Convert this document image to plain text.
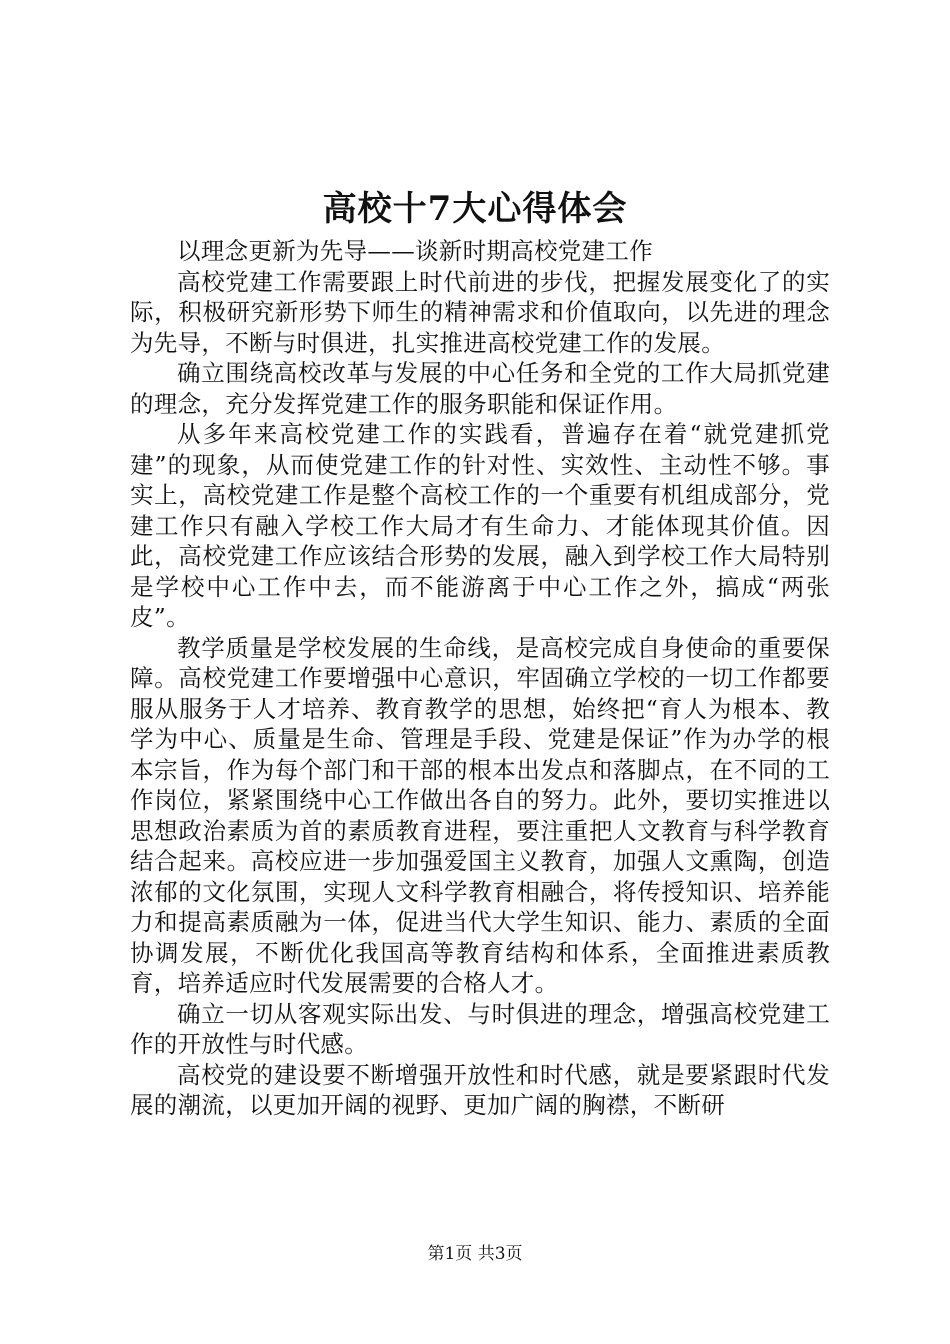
高校十7大心得体会

以理念更新为先导——谈新时期高校党建工作

高校党建工作需要跟上时代前进的步伐，把握发展变化了的实际，积极研究新形势下师生的精神需求和价值取向，以先进的理念为先导，不断与时俱进，扎实推进高校党建工作的发展。

确立围绕高校改革与发展的中心任务和全党的工作大局抓党建的理念，充分发挥党建工作的服务职能和保证作用。

从多年来高校党建工作的实践看，普遍存在着“就党建抓党建”的现象，从而使党建工作的针对性、实效性、主动性不够。事实上，高校党建工作是整个高校工作的一个重要有机组成部分，党建工作只有融入学校工作大局才有生命力、才能体现其价值。因此，高校党建工作应该结合形势的发展，融入到学校工作大局特别是学校中心工作中去，而不能游离于中心工作之外，搞成“两张皮”。

教学质量是学校发展的生命线，是高校完成自身使命的重要保障。高校党建工作要增强中心意识，牢固确立学校的一切工作都要服从服务于人才培养、教育教学的思想，始终把“育人为根本、教学为中心、质量是生命、管理是手段、党建是保证”作为办学的根本宗旨，作为每个部门和干部的根本出发点和落脚点，在不同的工作岗位，紧紧围绕中心工作做出各自的努力。此外，要切实推进以思想政治素质为首的素质教育进程，要注重把人文教育与科学教育结合起来。高校应进一步加强爱国主义教育，加强人文熏陶，创造浓郁的文化氛围，实现人文科学教育相融合，将传授知识、培养能力和提高素质融为一体，促进当代大学生知识、能力、素质的全面协调发展，不断优化我国高等教育结构和体系，全面推进素质教育，培养适应时代发展需要的合格人才。

确立一切从客观实际出发、与时俱进的理念，增强高校党建工作的开放性与时代感。

高校党的建设要不断增强开放性和时代感，就是要紧跟时代发展的潮流，以更加开阔的视野、更加广阔的胸襟，不断研

第1页 共3页
